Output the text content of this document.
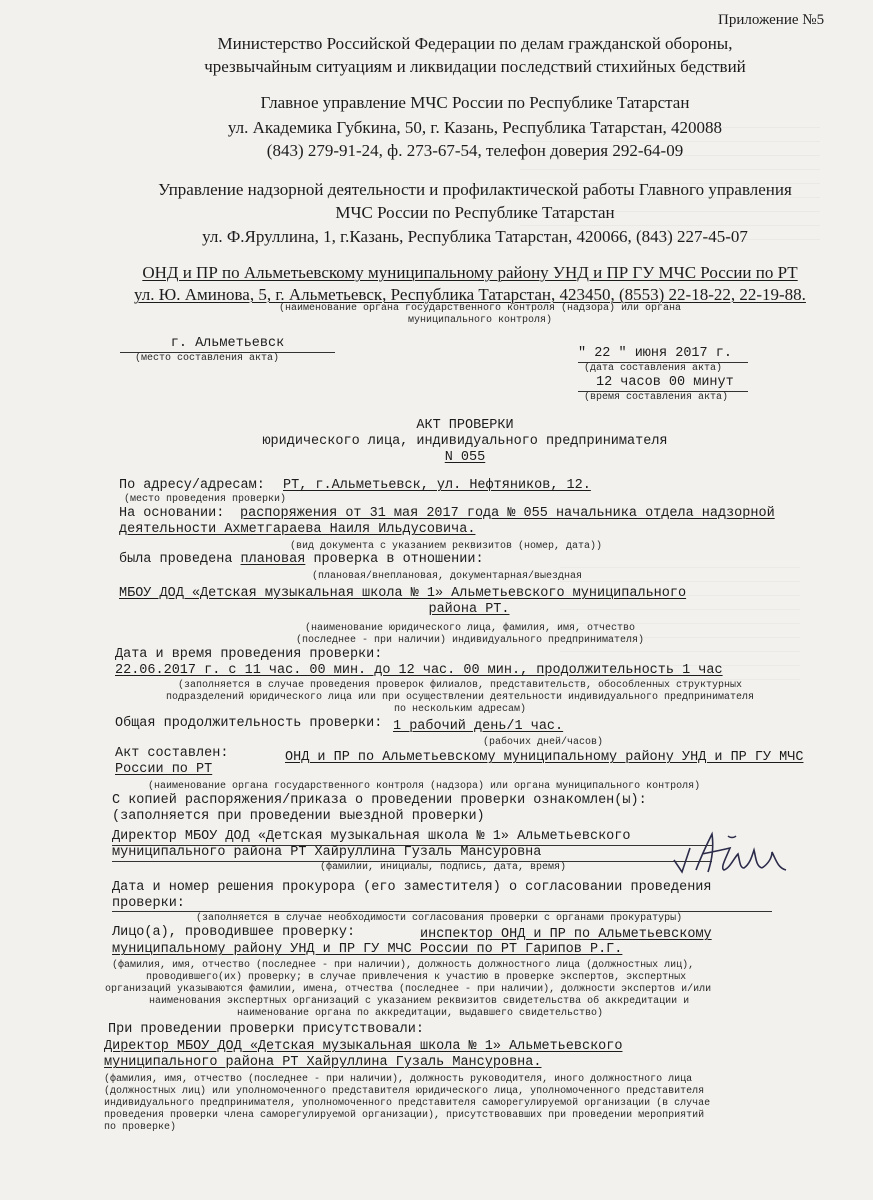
Приложение №5
Министерство Российской Федерации по делам гражданской обороны,
чрезвычайным ситуациям и ликвидации последствий стихийных бедствий
Главное управление МЧС России по Республике Татарстан
ул. Академика Губкина, 50, г. Казань, Республика Татарстан, 420088
(843) 279-91-24, ф. 273-67-54, телефон доверия 292-64-09
Управление надзорной деятельности и профилактической работы Главного управления
МЧС России по Республике Татарстан
ул. Ф.Яруллина, 1, г.Казань, Республика Татарстан, 420066, (843) 227-45-07
ОНД и ПР по Альметьевскому муниципальному району УНД и ПР ГУ МЧС России по РТ
ул. Ю. Аминова, 5, г. Альметьевск, Республика Татарстан, 423450, (8553) 22-18-22, 22-19-88.
(наименование органа государственного контроля (надзора) или органа
муниципального контроля)
г. Альметьевск
(место составления акта)	" 22 " июня 2017 г.
(дата составления акта)
12 часов 00 минут
(время составления акта)
АКТ ПРОВЕРКИ
юридического лица, индивидуального предпринимателя
N 055
По адресу/адресам: РТ, г.Альметьевск, ул. Нефтяников, 12.
(место проведения проверки)
На основании: распоряжения от 31 мая 2017 года № 055 начальника отдела надзорной
деятельности Ахметгараева Наиля Ильдусовича.
(вид документа с указанием реквизитов (номер, дата))
была проведена плановая проверка в отношении:
(плановая/внеплановая, документарная/выездная
МБОУ ДОД «Детская музыкальная школа № 1» Альметьевского муниципального
района РТ.
(наименование юридического лица, фамилия, имя, отчество
(последнее - при наличии) индивидуального предпринимателя)
Дата и время проведения проверки:
22.06.2017 г. с 11 час. 00 мин. до 12 час. 00 мин., продолжительность 1 час
(заполняется в случае проведения проверок филиалов, представительств, обособленных структурных
подразделений юридического лица или при осуществлении деятельности индивидуального предпринимателя
по нескольким адресам)
Общая продолжительность проверки: 1 рабочий день/1 час.
(рабочих дней/часов)
Акт составлен:	ОНД и ПР по Альметьевскому муниципальному району УНД и ПР ГУ МЧС
России по РТ
(наименование органа государственного контроля (надзора) или органа муниципального контроля)
С копией распоряжения/приказа о проведении проверки ознакомлен(ы):
(заполняется при проведении выездной проверки)
Директор МБОУ ДОД «Детская музыкальная школа № 1» Альметьевского
муниципального района РТ Хайруллина Гузаль Мансуровна
(фамилии, инициалы, подпись, дата, время)
Дата и номер решения прокурора (его заместителя) о согласовании проведения
проверки:
(заполняется в случае необходимости согласования проверки с органами прокуратуры)
Лицо(а), проводившее проверку:	инспектор ОНД и ПР по Альметьевскому
муниципальному району УНД и ПР ГУ МЧС России по РТ Гарипов Р.Г.
(фамилия, имя, отчество (последнее - при наличии), должность должностного лица (должностных лиц),
проводившего(их) проверку; в случае привлечения к участию в проверке экспертов, экспертных
организаций указываются фамилии, имена, отчества (последнее - при наличии), должности экспертов и/или
наименования экспертных организаций с указанием реквизитов свидетельства об аккредитации и
наименование органа по аккредитации, выдавшего свидетельство)
При проведении проверки присутствовали:
Директор МБОУ ДОД «Детская музыкальная школа № 1» Альметьевского
муниципального района РТ Хайруллина Гузаль Мансуровна.
(фамилия, имя, отчество (последнее - при наличии), должность руководителя, иного должностного лица
(должностных лиц) или уполномоченного представителя юридического лица, уполномоченного представителя
индивидуального предпринимателя, уполномоченного представителя саморегулируемой организации (в случае
проведения проверки члена саморегулируемой организации), присутствовавших при проведении мероприятий
по проверке)
